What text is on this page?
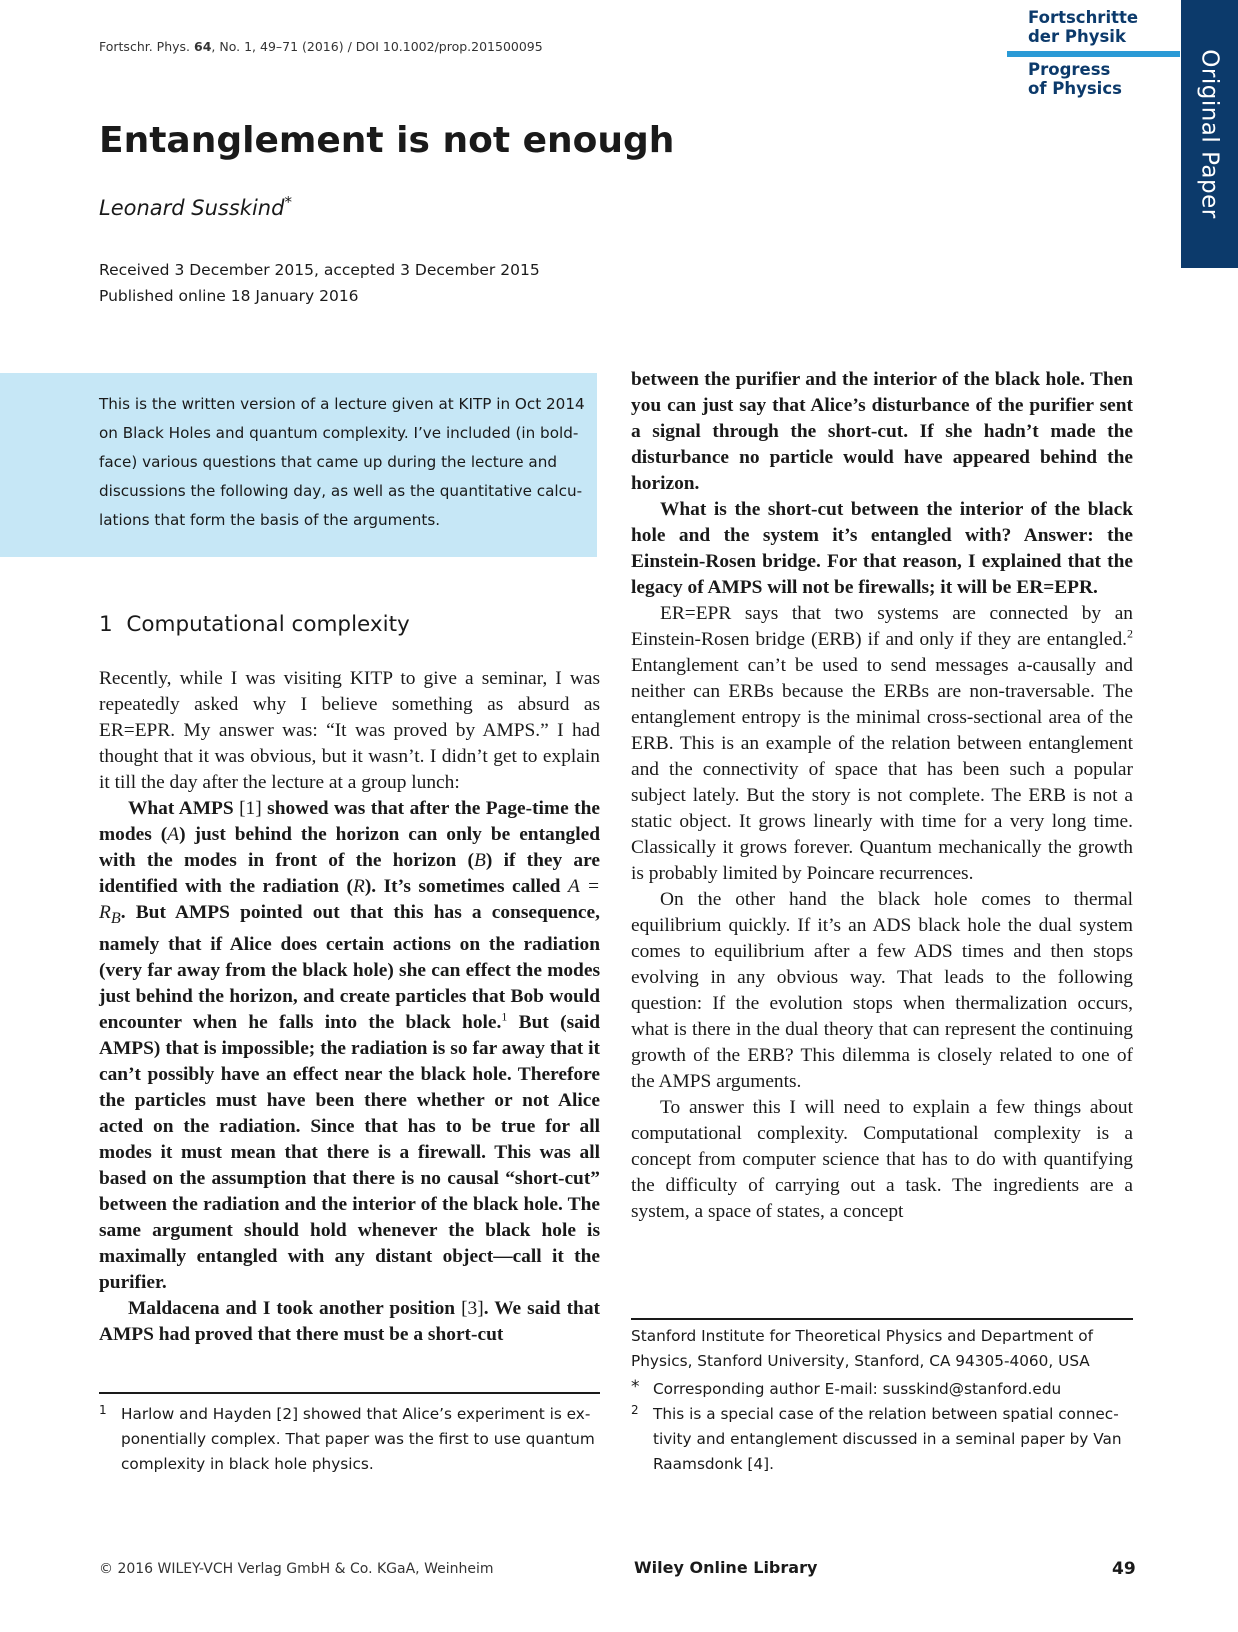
Fortschr. Phys. 64, No. 1, 49–71 (2016) / DOI 10.1002/prop.201500095
Fortschritte
der Physik
Progress
of Physics	Original Paper
Entanglement is not enough
Leonard Susskind*
Received 3 December 2015, accepted 3 December 2015
Published online 18 January 2016
This is the written version of a lecture given at KITP in Oct 2014 on Black Holes and quantum complexity. I’ve included (in bold-face) various questions that came up during the lecture and discussions the following day, as well as the quantitative calcu-lations that form the basis of the arguments.
1 Computational complexity

Recently, while I was visiting KITP to give a seminar, I was repeatedly asked why I believe something as absurd as ER=EPR. My answer was: “It was proved by AMPS.” I had thought that it was obvious, but it wasn’t. I didn’t get to explain it till the day after the lecture at a group lunch:

What AMPS [1] showed was that after the Page-time the modes (A) just behind the horizon can only be entangled with the modes in front of the horizon (B) if they are identified with the radiation (R). It’s sometimes called $A = R_B$. But AMPS pointed out that this has a consequence, namely that if Alice does certain actions on the radiation (very far away from the black hole) she can effect the modes just behind the horizon, and create particles that Bob would encounter when he falls into the black hole.$^1$ But (said AMPS) that is impossible; the radiation is so far away that it can’t possibly have an effect near the black hole. Therefore the particles must have been there whether or not Alice acted on the radiation. Since that has to be true for all modes it must mean that there is a firewall. This was all based on the assumption that there is no causal “short-cut” between the radiation and the interior of the black hole. The same argument should hold whenever the black hole is maximally entangled with any distant object—call it the purifier.

Maldacena and I took another position [3]. We said that AMPS had proved that there must be a short-cut

between the purifier and the interior of the black hole. Then you can just say that Alice’s disturbance of the purifier sent a signal through the short-cut. If she hadn’t made the disturbance no particle would have appeared behind the horizon.

What is the short-cut between the interior of the black hole and the system it’s entangled with? Answer: the Einstein-Rosen bridge. For that reason, I explained that the legacy of AMPS will not be firewalls; it will be ER=EPR.

ER=EPR says that two systems are connected by an Einstein-Rosen bridge (ERB) if and only if they are entangled.$^2$ Entanglement can’t be used to send messages a-causally and neither can ERBs because the ERBs are non-traversable. The entanglement entropy is the minimal cross-sectional area of the ERB. This is an example of the relation between entanglement and the connectivity of space that has been such a popular subject lately. But the story is not complete. The ERB is not a static object. It grows linearly with time for a very long time. Classically it grows forever. Quantum mechanically the growth is probably limited by Poincare recurrences.

On the other hand the black hole comes to thermal equilibrium quickly. If it’s an ADS black hole the dual system comes to equilibrium after a few ADS times and then stops evolving in any obvious way. That leads to the following question: If the evolution stops when thermalization occurs, what is there in the dual theory that can represent the continuing growth of the ERB? This dilemma is closely related to one of the AMPS arguments.

To answer this I will need to explain a few things about computational complexity. Computational complexity is a concept from computer science that has to do with quantifying the difficulty of carrying out a task. The ingredients are a system, a space of states, a concept

1 Harlow and Hayden [2] showed that Alice’s experiment is exponentially complex. That paper was the first to use quantum complexity in black hole physics.
Stanford Institute for Theoretical Physics and Department of Physics, Stanford University, Stanford, CA 94305-4060, USA
* Corresponding author E-mail: susskind@stanford.edu
2 This is a special case of the relation between spatial connectivity and entanglement discussed in a seminal paper by Van Raamsdonk [4].
© 2016 WILEY-VCH Verlag GmbH & Co. KGaA, Weinheim	Wiley Online Library	49
